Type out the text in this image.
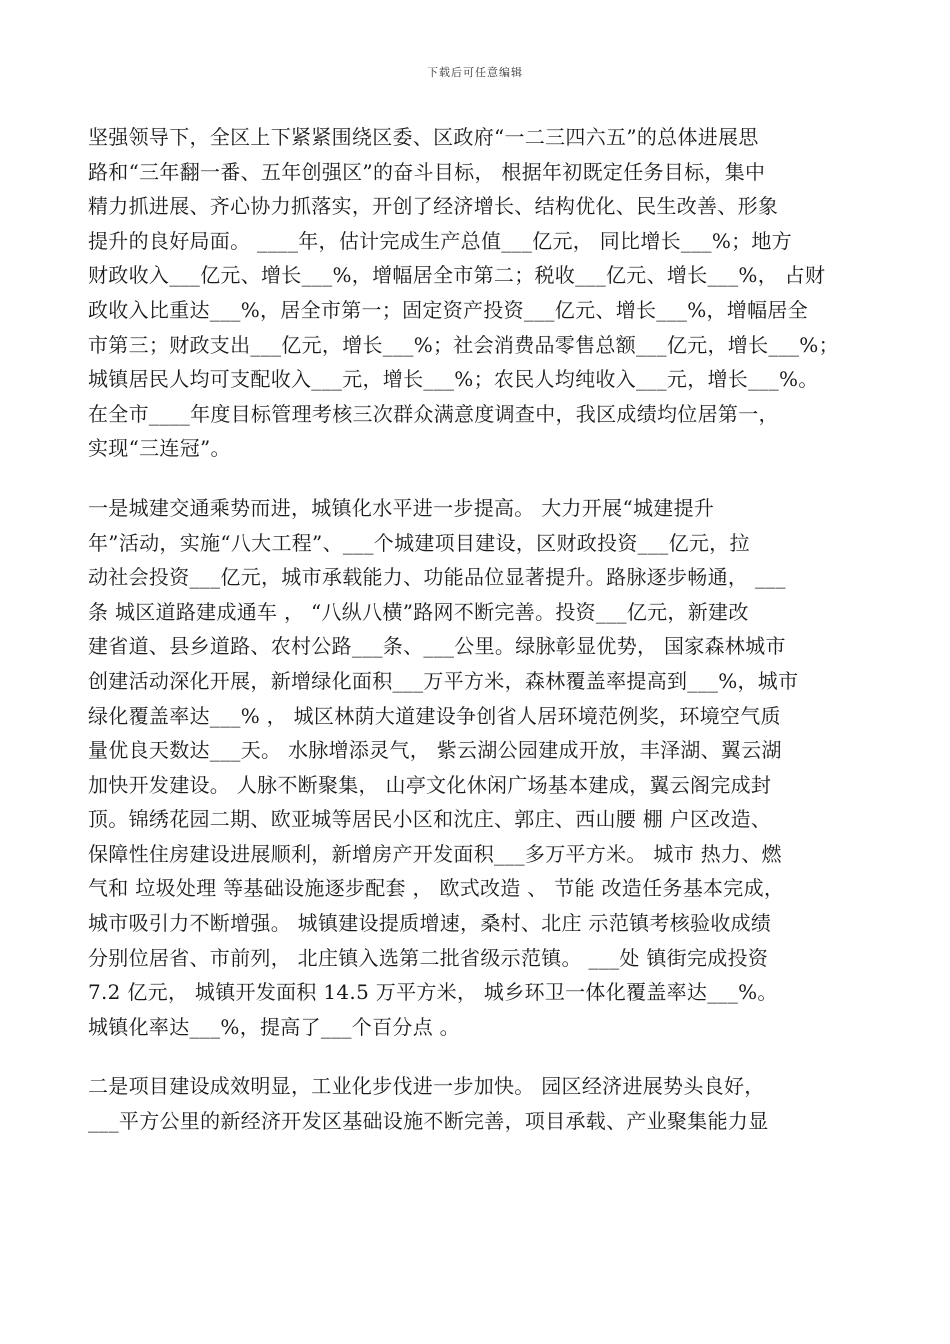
下载后可任意编辑
坚强领导下，全区上下紧紧围绕区委、区政府“一二三四六五”的总体进展思
路和“三年翻一番、五年创强区”的奋斗目标， 根据年初既定任务目标，集中
精力抓进展、齐心协力抓落实，开创了经济增长、结构优化、民生改善、形象
提升的良好局面。 ____年，估计完成生产总值___亿元， 同比增长___%；地方
财政收入___亿元、增长___%，增幅居全市第二；税收___亿元、增长___%， 占财
政收入比重达___%，居全市第一；固定资产投资___亿元、增长___%，增幅居全
市第三；财政支出___亿元，增长___%；社会消费品零售总额___亿元，增长___%；
城镇居民人均可支配收入___元，增长___%；农民人均纯收入___元，增长___%。
在全市____年度目标管理考核三次群众满意度调查中，我区成绩均位居第一，
实现“三连冠”。
一是城建交通乘势而进，城镇化水平进一步提高。 大力开展“城建提升
年”活动，实施“八大工程”、___个城建项目建设，区财政投资___亿元，拉
动社会投资___亿元，城市承载能力、功能品位显著提升。路脉逐步畅通， ___
条 城区道路建成通车 ， “八纵八横”路网不断完善。投资___亿元，新建改
建省道、县乡道路、农村公路___条、___公里。绿脉彰显优势， 国家森林城市
创建活动深化开展，新增绿化面积___万平方米，森林覆盖率提高到___%，城市
绿化覆盖率达___% ， 城区林荫大道建设争创省人居环境范例奖，环境空气质
量优良天数达___天。 水脉增添灵气， 紫云湖公园建成开放，丰泽湖、翼云湖
加快开发建设。 人脉不断聚集， 山亭文化休闲广场基本建成，翼云阁完成封
顶。锦绣花园二期、欧亚城等居民小区和沈庄、郭庄、西山腰 棚 户区改造、
保障性住房建设进展顺利，新增房产开发面积___多万平方米。 城市 热力、燃
气和 垃圾处理 等基础设施逐步配套 ， 欧式改造 、 节能 改造任务基本完成，
城市吸引力不断增强。 城镇建设提质增速，桑村、北庄 示范镇考核验收成绩
分别位居省、市前列， 北庄镇入选第二批省级示范镇。 ___处 镇街完成投资
7.2 亿元， 城镇开发面积 14.5 万平方米， 城乡环卫一体化覆盖率达___%。
城镇化率达___%，提高了___个百分点 。
二是项目建设成效明显，工业化步伐进一步加快。 园区经济进展势头良好，
___平方公里的新经济开发区基础设施不断完善，项目承载、产业聚集能力显
